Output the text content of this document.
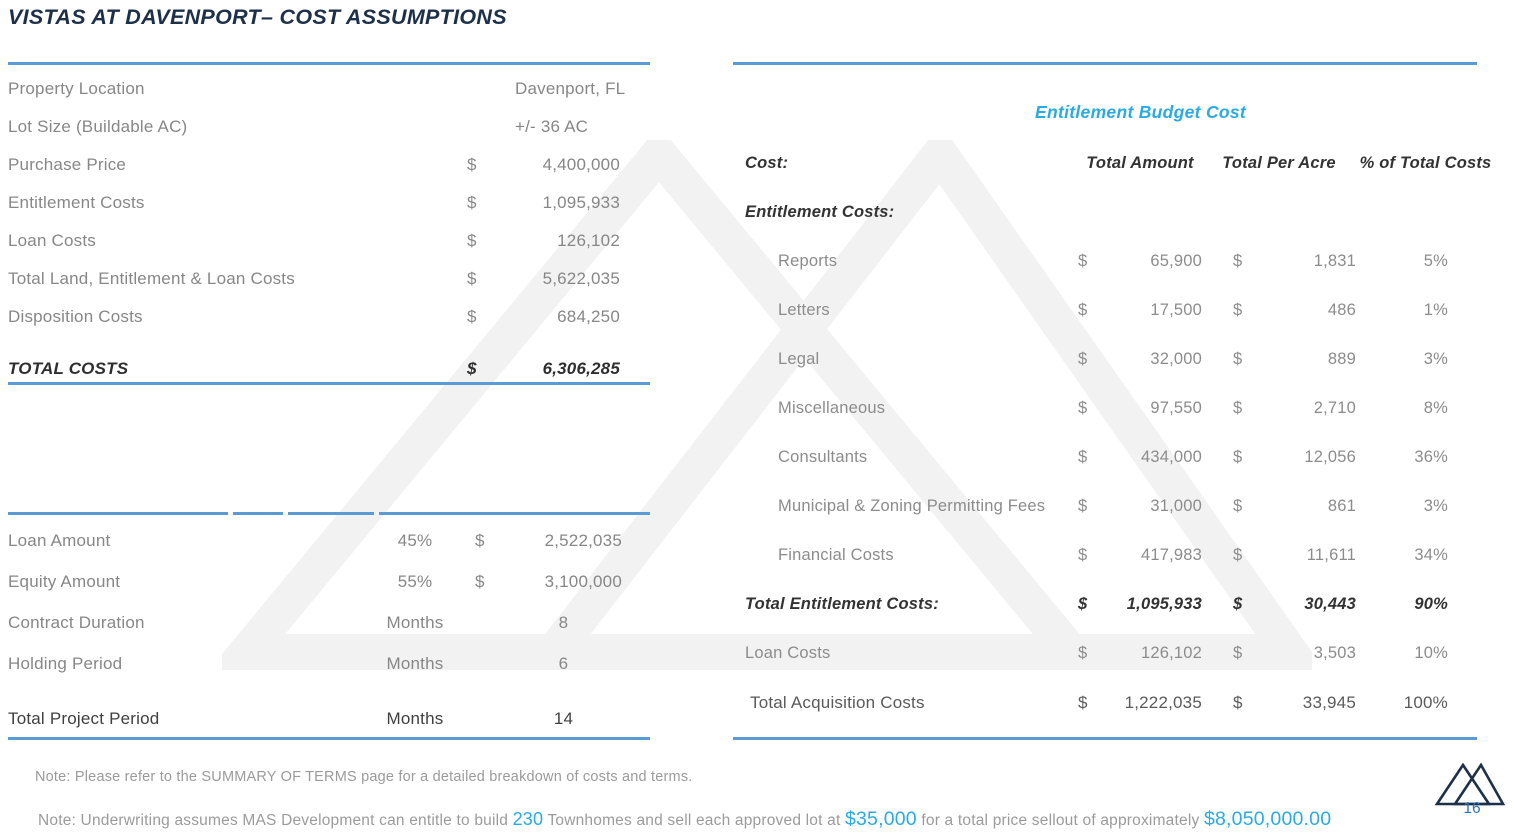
VISTAS AT DAVENPORT– COST ASSUMPTIONS
Property Location	Davenport, FL
Lot Size (Buildable AC)	+/- 36 AC
Purchase Price	$	4,400,000
Entitlement Costs	$	1,095,933
Loan Costs	$	126,102
Total Land, Entitlement & Loan Costs	$	5,622,035
Disposition Costs	$	684,250
TOTAL COSTS	$	6,306,285
Loan Amount	45%	$	2,522,035
Equity Amount	55%	$	3,100,000
Contract Duration	Months	8
Holding Period	Months	6
Total Project Period	Months	14
Entitlement Budget Cost
Cost:	Total Amount	Total Per Acre	% of Total Costs
Entitlement Costs:
Reports	$	65,900 $	1,831	5%
Letters	$	17,500 $	486	1%
Legal	$	32,000 $	889	3%
Miscellaneous	$	97,550 $	2,710	8%
Consultants	$	434,000 $	12,056	36%
Municipal & Zoning Permitting Fees	$	31,000 $	861	3%
Financial Costs	$	417,983 $	11,611	34%
Total Entitlement Costs:	$	1,095,933 $	30,443	90%
Loan Costs	$	126,102 $	3,503	10%
Total Acquisition Costs	$	1,222,035 $	33,945	100%
Note: Please refer to the SUMMARY OF TERMS page for a detailed breakdown of costs and terms.
Note: Underwriting assumes MAS Development can entitle to build 230 Townhomes and sell each approved lot at $35,000 for a total price sellout of approximately $8,050,000.00	16
